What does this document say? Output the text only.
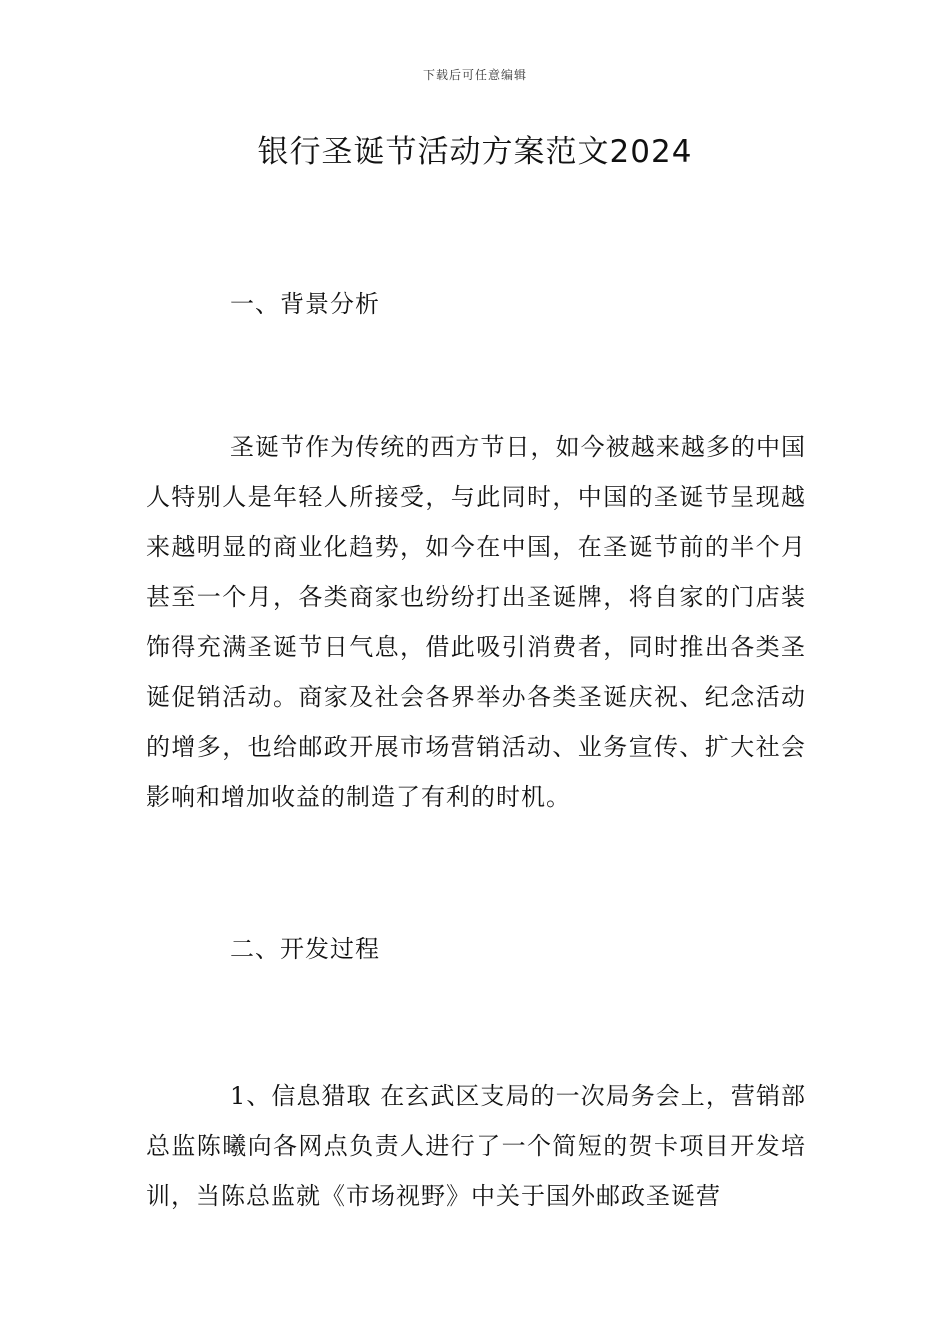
下载后可任意编辑
银行圣诞节活动方案范文2024
一、背景分析

圣诞节作为传统的西方节日，如今被越来越多的中国人特别人是年轻人所接受，与此同时，中国的圣诞节呈现越来越明显的商业化趋势，如今在中国，在圣诞节前的半个月甚至一个月，各类商家也纷纷打出圣诞牌，将自家的门店装饰得充满圣诞节日气息，借此吸引消费者，同时推出各类圣诞促销活动。商家及社会各界举办各类圣诞庆祝、纪念活动的增多，也给邮政开展市场营销活动、业务宣传、扩大社会影响和增加收益的制造了有利的时机。

二、开发过程

1、信息猎取 在玄武区支局的一次局务会上，营销部总监陈曦向各网点负责人进行了一个简短的贺卡项目开发培训，当陈总监就《市场视野》中关于国外邮政圣诞营
